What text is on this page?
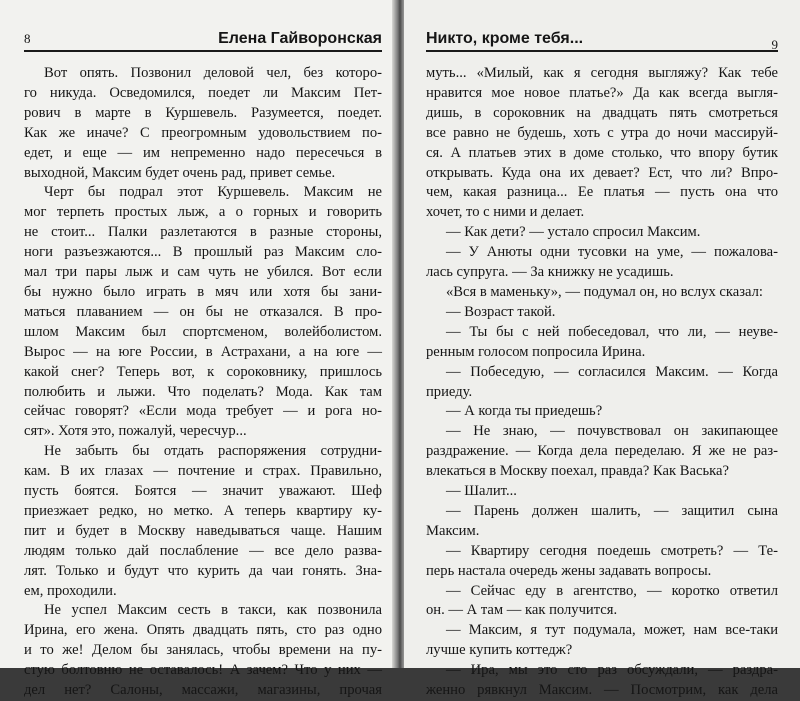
8	Елена Гайворонская
Вот опять. Позвонил деловой чел, без которо-
го никуда. Осведомился, поедет ли Максим Пет-
рович в марте в Куршевель. Разумеется, поедет.
Как же иначе? С преогромным удовольствием по-
едет, и еще — им непременно надо пересечься в
выходной, Максим будет очень рад, привет семье.
Черт бы подрал этот Куршевель. Максим не
мог терпеть простых лыж, а о горных и говорить
не стоит... Палки разлетаются в разные стороны,
ноги разъезжаются... В прошлый раз Максим сло-
мал три пары лыж и сам чуть не убился. Вот если
бы нужно было играть в мяч или хотя бы зани-
маться плаванием — он бы не отказался. В про-
шлом Максим был спортсменом, волейболистом.
Вырос — на юге России, в Астрахани, а на юге —
какой снег? Теперь вот, к сороковнику, пришлось
полюбить и лыжи. Что поделать? Мода. Как там
сейчас говорят? «Если мода требует — и рога но-
сят». Хотя это, пожалуй, чересчур...
Не забыть бы отдать распоряжения сотрудни-
кам. В их глазах — почтение и страх. Правильно,
пусть боятся. Боятся — значит уважают. Шеф
приезжает редко, но метко. А теперь квартиру ку-
пит и будет в Москву наведываться чаще. Нашим
людям только дай послабление — все дело разва-
лят. Только и будут что курить да чаи гонять. Зна-
ем, проходили.
Не успел Максим сесть в такси, как позвонила
Ирина, его жена. Опять двадцать пять, сто раз одно
и то же! Делом бы занялась, чтобы времени на пу-
стую болтовню не оставалось! А зачем? Что у них —
дел нет? Салоны, массажи, магазины, прочая
Никто, кроме тебя...	9
муть... «Милый, как я сегодня выгляжу? Как тебе
нравится мое новое платье?» Да как всегда выгля-
дишь, в сороковник на двадцать пять смотреться
все равно не будешь, хоть с утра до ночи массируй-
ся. А платьев этих в доме столько, что впору бутик
открывать. Куда она их девает? Ест, что ли? Впро-
чем, какая разница... Ее платья — пусть она что
хочет, то с ними и делает.
— Как дети? — устало спросил Максим.
— У Анюты одни тусовки на уме, — пожалова-
лась супруга. — За книжку не усадишь.
«Вся в маменьку», — подумал он, но вслух сказал:
— Возраст такой.
— Ты бы с ней побеседовал, что ли, — неуве-
ренным голосом попросила Ирина.
— Побеседую, — согласился Максим. — Когда
приеду.
— А когда ты приедешь?
— Не знаю, — почувствовал он закипающее
раздражение. — Когда дела переделаю. Я же не раз-
влекаться в Москву поехал, правда? Как Васька?
— Шалит...
— Парень должен шалить, — защитил сына
Максим.
— Квартиру сегодня поедешь смотреть? — Те-
перь настала очередь жены задавать вопросы.
— Сейчас еду в агентство, — коротко ответил
он. — А там — как получится.
— Максим, я тут подумала, может, нам все-таки
лучше купить коттедж?
— Ира, мы это сто раз обсуждали, — раздра-
женно рявкнул Максим. — Посмотрим, как дела
